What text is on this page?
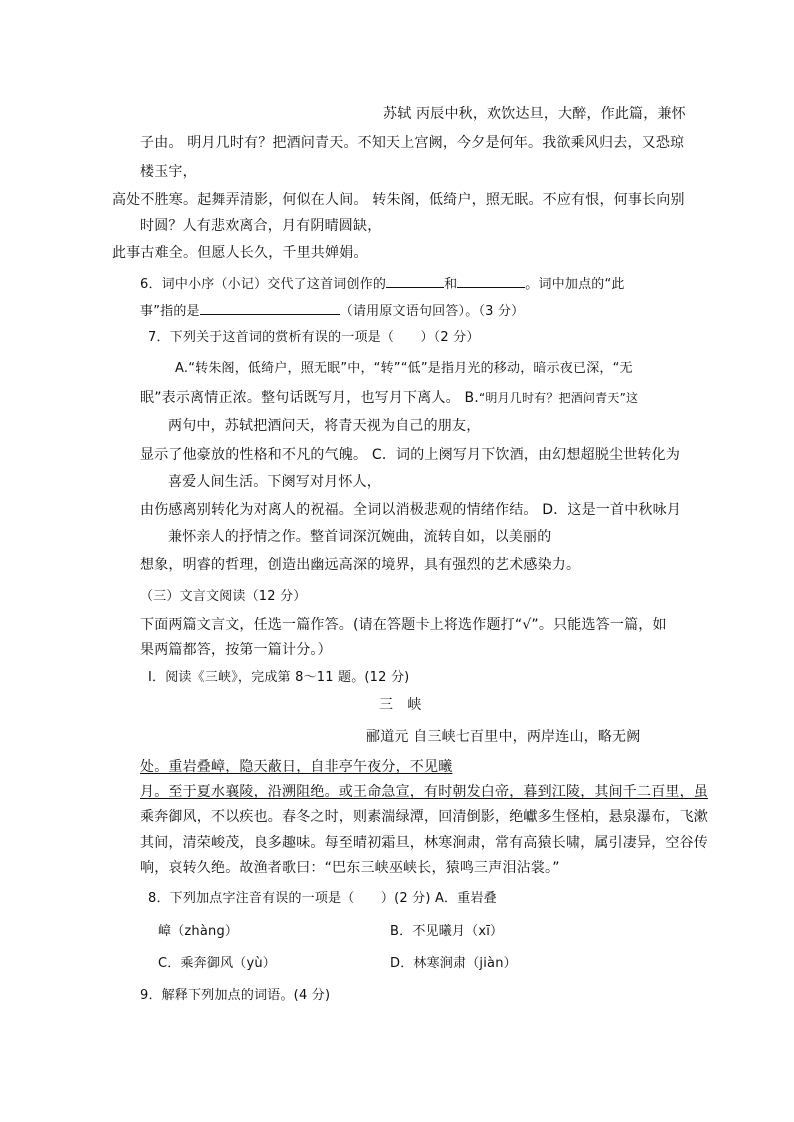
苏轼 丙辰中秋，欢饮达旦，大醉，作此篇，兼怀
子由。 明月几时有？把酒问青天。不知天上宫阙，今夕是何年。我欲乘风归去，又恐琼
楼玉宇，
高处不胜寒。起舞弄清影，何似在人间。 转朱阁，低绮户，照无眠。不应有恨，何事长向别
时圆？人有悲欢离合，月有阴晴圆缺，
此事古难全。但愿人长久，千里共婵娟。
6．词中小序（小记）交代了这首词创作的	和	。词中加点的“此
事”指的是	（请用原文语句回答）。（3 分）
7．下列关于这首词的赏析有误的一项是（　　）（2 分）
A.“转朱阁，低绮户，照无眠”中，“转”“低”是指月光的移动，暗示夜已深，“无
眠”表示离情正浓。整句话既写月，也写月下离人。 B.“明月几时有？把酒问青天”这
两句中，苏轼把酒问天，将青天视为自己的朋友，
显示了他豪放的性格和不凡的气魄。 C．词的上阕写月下饮酒，由幻想超脱尘世转化为
喜爱人间生活。下阕写对月怀人，
由伤感离别转化为对离人的祝福。全词以消极悲观的情绪作结。 D．这是一首中秋咏月
兼怀亲人的抒情之作。整首词深沉婉曲，流转自如，以美丽的
想象，明睿的哲理，创造出幽远高深的境界，具有强烈的艺术感染力。
（三）文言文阅读（12 分）
下面两篇文言文，任选一篇作答。(请在答题卡上将选作题打“√”。只能选答一篇，如
果两篇都答，按第一篇计分。）
Ⅰ．阅读《三峡》，完成第 8～11 题。(12 分)
三　峡
郦道元 自三峡七百里中，两岸连山，略无阙
处。重岩叠嶂，隐天蔽日，自非亭午夜分，不见曦
月。至于夏水襄陵，沿溯阻绝。或王命急宣，有时朝发白帝，暮到江陵，其间千二百里，虽
乘奔御风，不以疾也。春冬之时，则素湍绿潭，回清倒影，绝巘多生怪柏，悬泉瀑布，飞漱
其间，清荣峻茂，良多趣味。每至晴初霜旦，林寒涧肃，常有高猿长啸，属引凄异，空谷传
响，哀转久绝。故渔者歌曰：“巴东三峡巫峡长，猿鸣三声泪沾裳。”
8．下列加点字注音有误的一项是（　　）(2 分) A．重岩叠
嶂（zhàng）	B．不见曦月（xī）
C．乘奔御风（yù）	D．林寒涧肃（jiàn）
9．解释下列加点的词语。(4 分)
